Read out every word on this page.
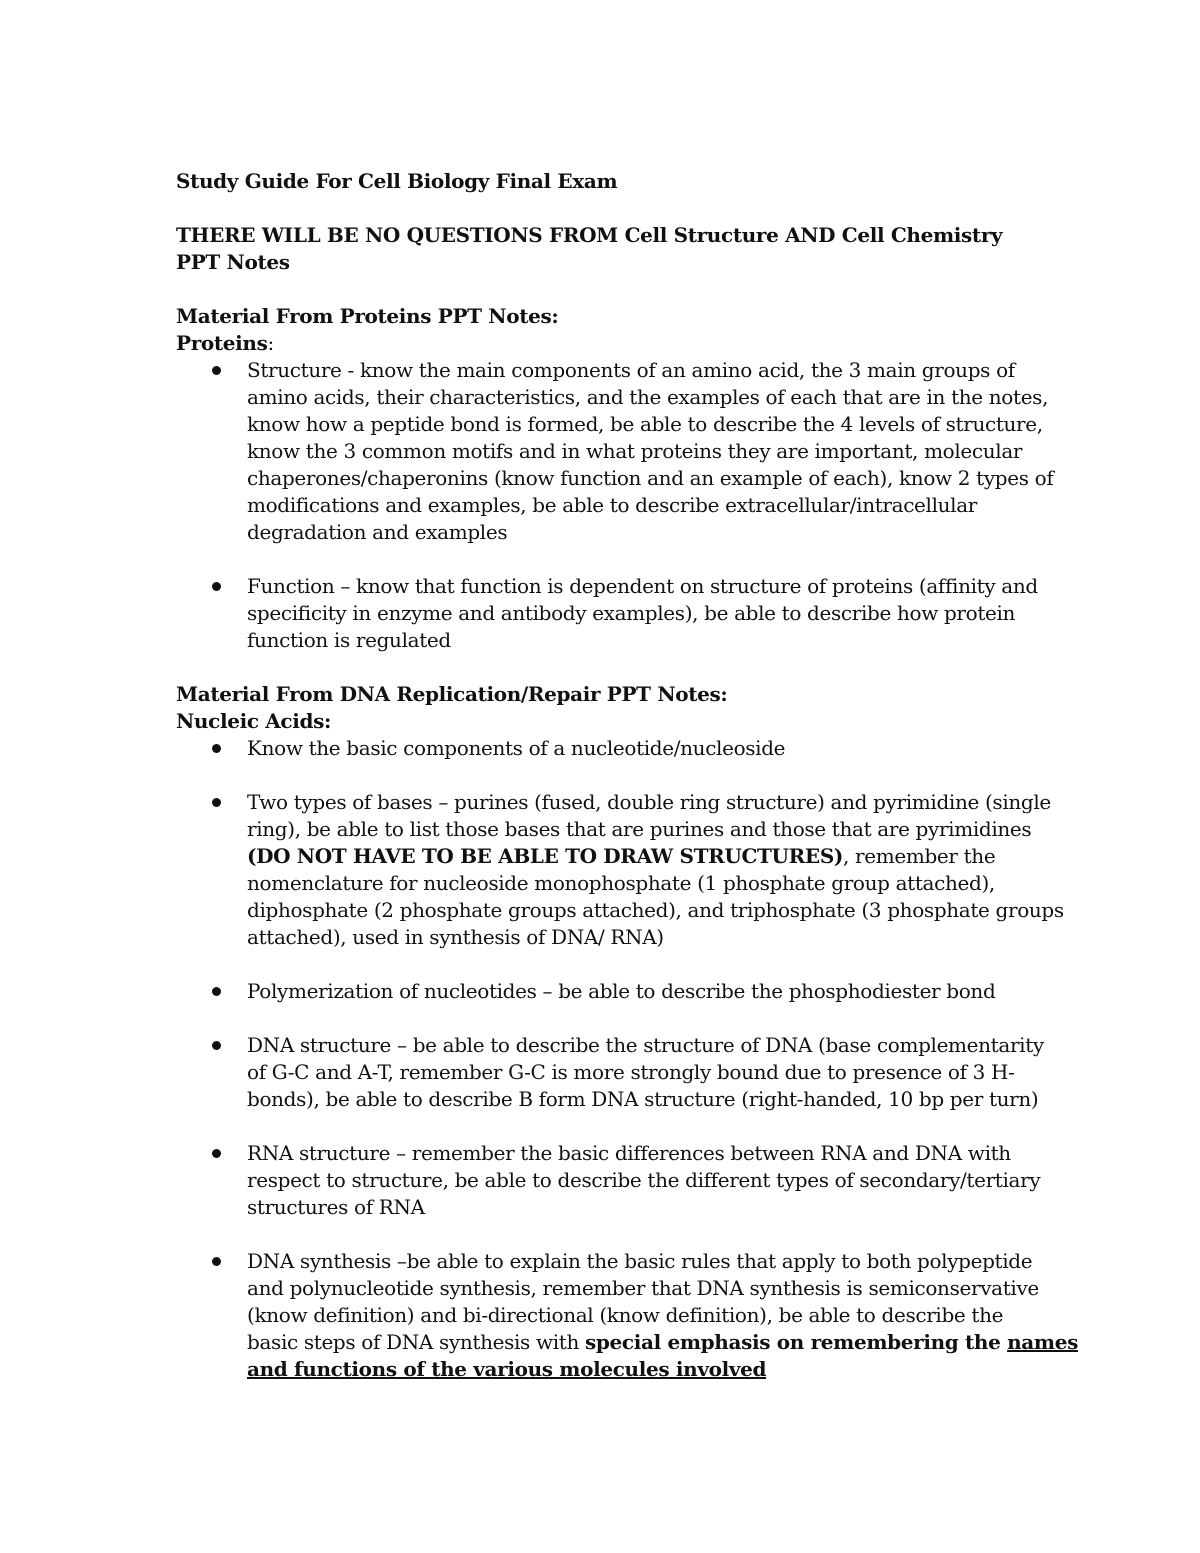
Study Guide For Cell Biology Final Exam
THERE WILL BE NO QUESTIONS FROM Cell Structure AND Cell Chemistry
PPT Notes
Material From Proteins PPT Notes:
Proteins:
Structure - know the main components of an amino acid, the 3 main groups of
amino acids, their characteristics, and the examples of each that are in the notes,
know how a peptide bond is formed, be able to describe the 4 levels of structure,
know the 3 common motifs and in what proteins they are important, molecular
chaperones/chaperonins (know function and an example of each), know 2 types of
modifications and examples, be able to describe extracellular/intracellular
degradation and examples
Function – know that function is dependent on structure of proteins (affinity and
specificity in enzyme and antibody examples), be able to describe how protein
function is regulated
Material From DNA Replication/Repair PPT Notes:
Nucleic Acids:
Know the basic components of a nucleotide/nucleoside
Two types of bases – purines (fused, double ring structure) and pyrimidine (single
ring), be able to list those bases that are purines and those that are pyrimidines
(DO NOT HAVE TO BE ABLE TO DRAW STRUCTURES), remember the
nomenclature for nucleoside monophosphate (1 phosphate group attached),
diphosphate (2 phosphate groups attached), and triphosphate (3 phosphate groups
attached), used in synthesis of DNA/ RNA)
Polymerization of nucleotides – be able to describe the phosphodiester bond
DNA structure – be able to describe the structure of DNA (base complementarity
of G-C and A-T, remember G-C is more strongly bound due to presence of 3 H-
bonds), be able to describe B form DNA structure (right-handed, 10 bp per turn)
RNA structure – remember the basic differences between RNA and DNA with
respect to structure, be able to describe the different types of secondary/tertiary
structures of RNA
DNA synthesis –be able to explain the basic rules that apply to both polypeptide
and polynucleotide synthesis, remember that DNA synthesis is semiconservative
(know definition) and bi-directional (know definition), be able to describe the
basic steps of DNA synthesis with special emphasis on remembering the names
and functions of the various molecules involved
